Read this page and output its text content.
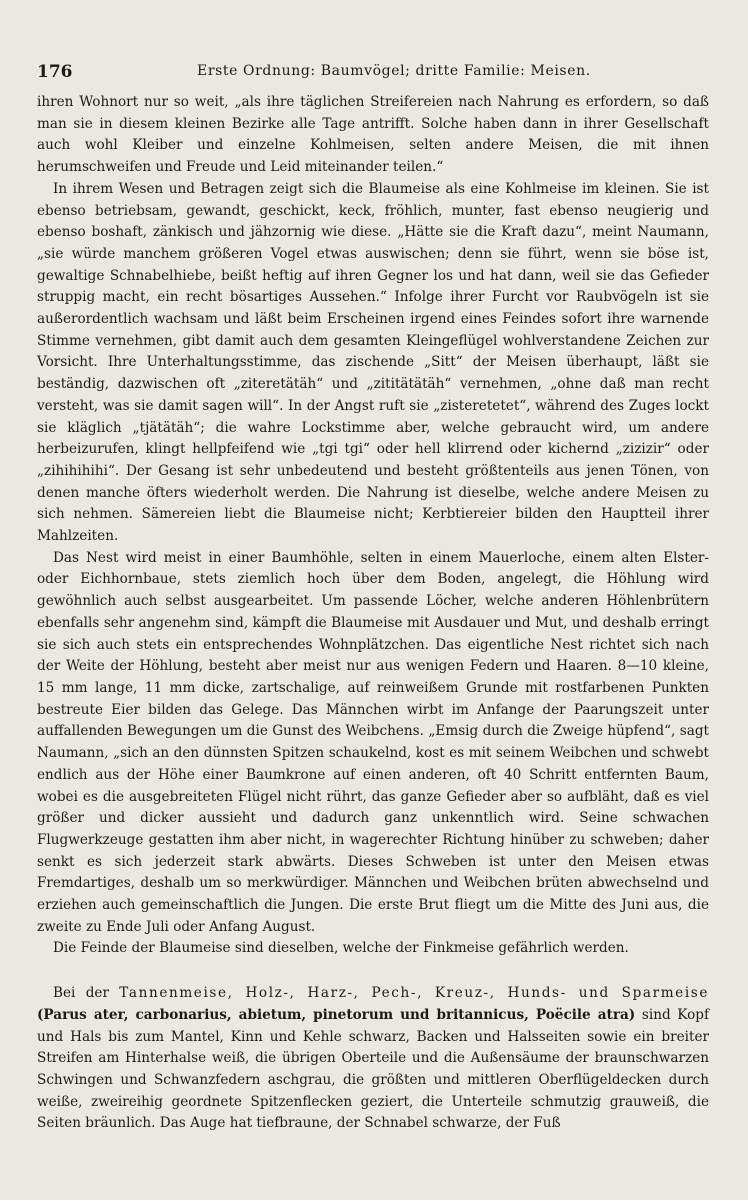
176	Erste Ordnung: Baumvögel; dritte Familie: Meisen.

ihren Wohnort nur so weit, „als ihre täglichen Streifereien nach Nahrung es erfordern, so daß man sie in diesem kleinen Bezirke alle Tage antrifft. Solche haben dann in ihrer Gesellschaft auch wohl Kleiber und einzelne Kohlmeisen, selten andere Meisen, die mit ihnen herumschweifen und Freude und Leid miteinander teilen.“

In ihrem Wesen und Betragen zeigt sich die Blaumeise als eine Kohlmeise im kleinen. Sie ist ebenso betriebsam, gewandt, geschickt, keck, fröhlich, munter, fast ebenso neugierig und ebenso boshaft, zänkisch und jähzornig wie diese. „Hätte sie die Kraft dazu“, meint Naumann, „sie würde manchem größeren Vogel etwas auswischen; denn sie führt, wenn sie böse ist, gewaltige Schnabelhiebe, beißt heftig auf ihren Gegner los und hat dann, weil sie das Gefieder struppig macht, ein recht bösartiges Aussehen.“ Infolge ihrer Furcht vor Raubvögeln ist sie außerordentlich wachsam und läßt beim Erscheinen irgend eines Feindes sofort ihre warnende Stimme vernehmen, gibt damit auch dem gesamten Kleingeflügel wohlverstandene Zeichen zur Vorsicht. Ihre Unterhaltungsstimme, das zischende „Sitt“ der Meisen überhaupt, läßt sie beständig, dazwischen oft „ziteretätäh“ und „zititätätäh“ vernehmen, „ohne daß man recht versteht, was sie damit sagen will“. In der Angst ruft sie „zisteretetet“, während des Zuges lockt sie kläglich „tjätätäh“; die wahre Lockstimme aber, welche gebraucht wird, um andere herbeizurufen, klingt hellpfeifend wie „tgi tgi“ oder hell klirrend oder kichernd „zizizir“ oder „zihihihihi“. Der Gesang ist sehr unbedeutend und besteht größtenteils aus jenen Tönen, von denen manche öfters wiederholt werden. Die Nahrung ist dieselbe, welche andere Meisen zu sich nehmen. Sämereien liebt die Blaumeise nicht; Kerbtiereier bilden den Hauptteil ihrer Mahlzeiten.

Das Nest wird meist in einer Baumhöhle, selten in einem Mauerloche, einem alten Elster- oder Eichhornbaue, stets ziemlich hoch über dem Boden, angelegt, die Höhlung wird gewöhnlich auch selbst ausgearbeitet. Um passende Löcher, welche anderen Höhlenbrütern ebenfalls sehr angenehm sind, kämpft die Blaumeise mit Ausdauer und Mut, und deshalb erringt sie sich auch stets ein entsprechendes Wohnplätzchen. Das eigentliche Nest richtet sich nach der Weite der Höhlung, besteht aber meist nur aus wenigen Federn und Haaren. 8—10 kleine, 15 mm lange, 11 mm dicke, zartschalige, auf reinweißem Grunde mit rostfarbenen Punkten bestreute Eier bilden das Gelege. Das Männchen wirbt im Anfange der Paarungszeit unter auffallenden Bewegungen um die Gunst des Weibchens. „Emsig durch die Zweige hüpfend“, sagt Naumann, „sich an den dünnsten Spitzen schaukelnd, kost es mit seinem Weibchen und schwebt endlich aus der Höhe einer Baumkrone auf einen anderen, oft 40 Schritt entfernten Baum, wobei es die ausgebreiteten Flügel nicht rührt, das ganze Gefieder aber so aufbläht, daß es viel größer und dicker aussieht und dadurch ganz unkenntlich wird. Seine schwachen Flugwerkzeuge gestatten ihm aber nicht, in wagerechter Richtung hinüber zu schweben; daher senkt es sich jederzeit stark abwärts. Dieses Schweben ist unter den Meisen etwas Fremdartiges, deshalb um so merkwürdiger. Männchen und Weibchen brüten abwechselnd und erziehen auch gemeinschaftlich die Jungen. Die erste Brut fliegt um die Mitte des Juni aus, die zweite zu Ende Juli oder Anfang August.

Die Feinde der Blaumeise sind dieselben, welche der Finkmeise gefährlich werden.

Bei der Tannenmeise, Holz-, Harz-, Pech-, Kreuz-, Hunds- und Sparmeise (Parus ater, carbonarius, abietum, pinetorum und britannicus, Poëcile atra) sind Kopf und Hals bis zum Mantel, Kinn und Kehle schwarz, Backen und Halsseiten sowie ein breiter Streifen am Hinterhalse weiß, die übrigen Oberteile und die Außensäume der braunschwarzen Schwingen und Schwanzfedern aschgrau, die größten und mittleren Oberflügeldecken durch weiße, zweireihig geordnete Spitzenflecken geziert, die Unterteile schmutzig grauweiß, die Seiten bräunlich. Das Auge hat tiefbraune, der Schnabel schwarze, der Fuß
